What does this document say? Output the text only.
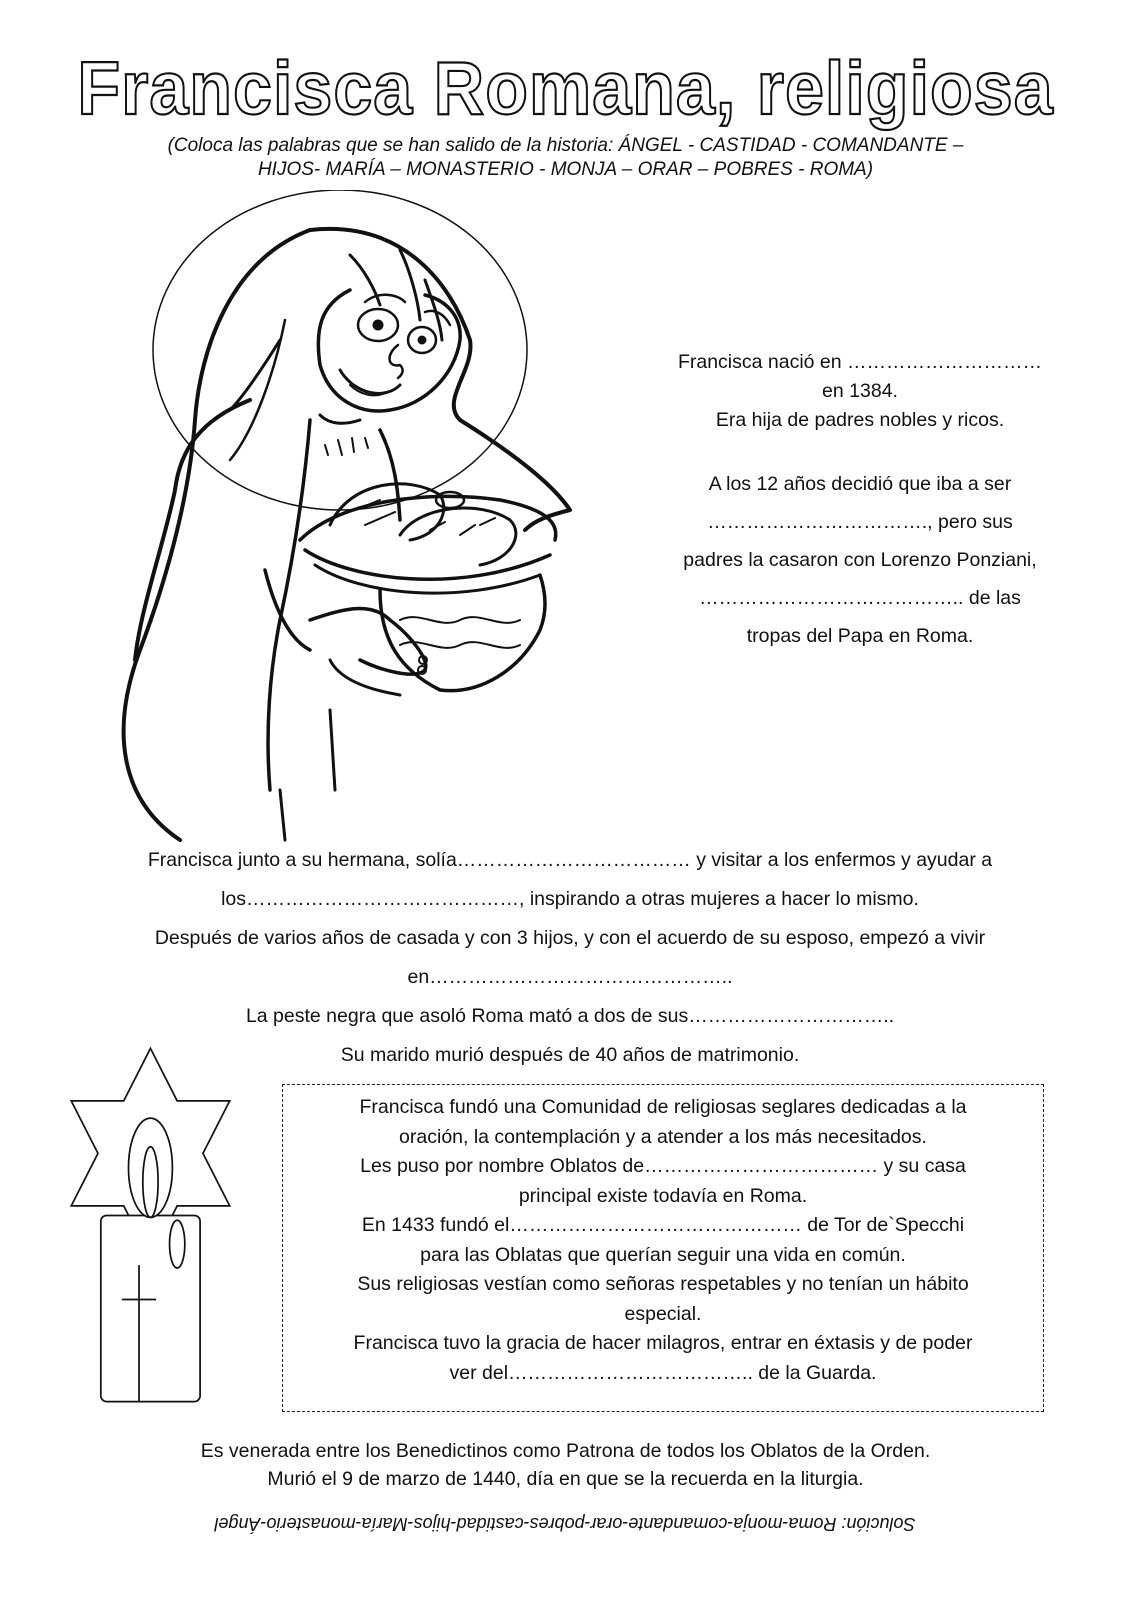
Francisca Romana, religiosa
(Coloca las palabras que se han salido de la historia: ÁNGEL - CASTIDAD - COMANDANTE –
HIJOS- MARÍA – MONASTERIO - MONJA – ORAR – POBRES - ROMA)
Francisca nació en …………………………
en 1384.
Era hija de padres nobles y ricos.
A los 12 años decidió que iba a ser
……………………………., pero sus
padres la casaron con Lorenzo Ponziani,
………………………………….. de las
tropas del Papa en Roma.
Francisca junto a su hermana, solía……………………………… y visitar a los enfermos y ayudar a
los……………………………………, inspirando a otras mujeres a hacer lo mismo.
Después de varios años de casada y con 3 hijos, y con el acuerdo de su esposo, empezó a vivir
en………………………………………..
La peste negra que asoló Roma mató a dos de sus…………………………..
Su marido murió después de 40 años de matrimonio.
Francisca fundó una Comunidad de religiosas seglares dedicadas a la
oración, la contemplación y a atender a los más necesitados.
Les puso por nombre Oblatos de……………………………… y su casa
principal existe todavía en Roma.
En 1433 fundó el……………………………………… de Tor de`Specchi
para las Oblatas que querían seguir una vida en común.
Sus religiosas vestían como señoras respetables y no tenían un hábito
especial.
Francisca tuvo la gracia de hacer milagros, entrar en éxtasis y de poder
ver del……………………………….. de la Guarda.
Es venerada entre los Benedictinos como Patrona de todos los Oblatos de la Orden.
Murió el 9 de marzo de 1440, día en que se la recuerda en la liturgia.
Solución: Roma-monja-comandante-orar-pobres-castidad-hijos-María-monasterio-Ángel
